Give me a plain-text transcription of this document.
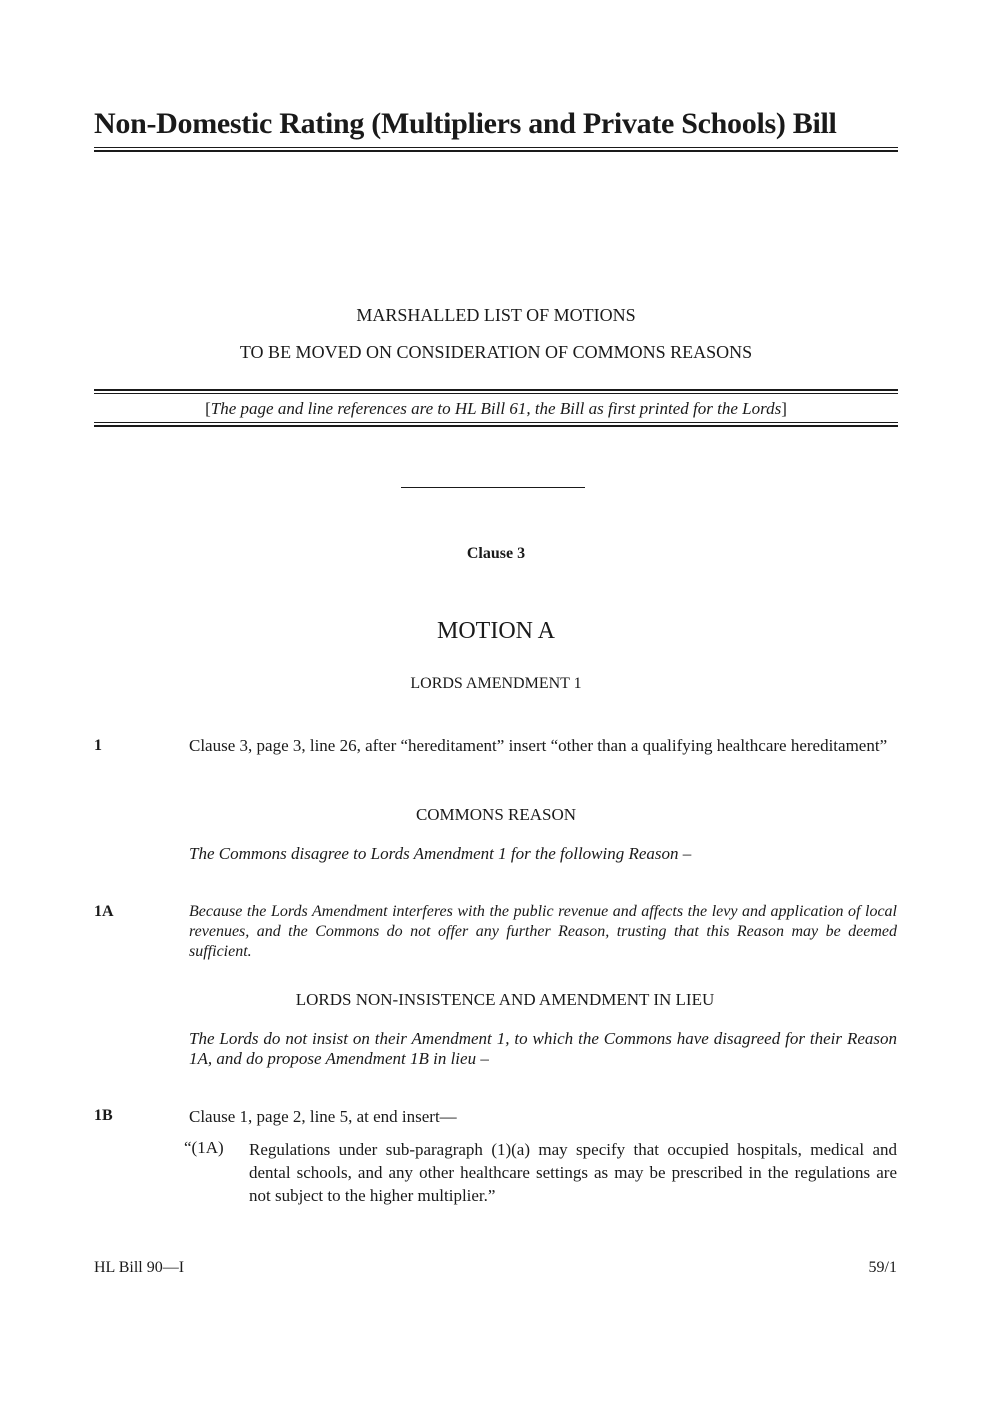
Non-Domestic Rating (Multipliers and Private Schools) Bill
MARSHALLED LIST OF MOTIONS
TO BE MOVED ON CONSIDERATION OF COMMONS REASONS
[The page and line references are to HL Bill 61, the Bill as first printed for the Lords]
Clause 3
MOTION A
LORDS AMENDMENT 1
1	Clause 3, page 3, line 26, after “hereditament” insert “other than a qualifying healthcare hereditament”
COMMONS REASON
The Commons disagree to Lords Amendment 1 for the following Reason –
1A	Because the Lords Amendment interferes with the public revenue and affects the levy and application of local revenues, and the Commons do not offer any further Reason, trusting that this Reason may be deemed sufficient.
LORDS NON-INSISTENCE AND AMENDMENT IN LIEU
The Lords do not insist on their Amendment 1, to which the Commons have disagreed for their Reason 1A, and do propose Amendment 1B in lieu –
1B	Clause 1, page 2, line 5, at end insert—
“(1A) Regulations under sub-paragraph (1)(a) may specify that occupied hospitals, medical and dental schools, and any other healthcare settings as may be prescribed in the regulations are not subject to the higher multiplier.”
HL Bill 90—I	59/1
